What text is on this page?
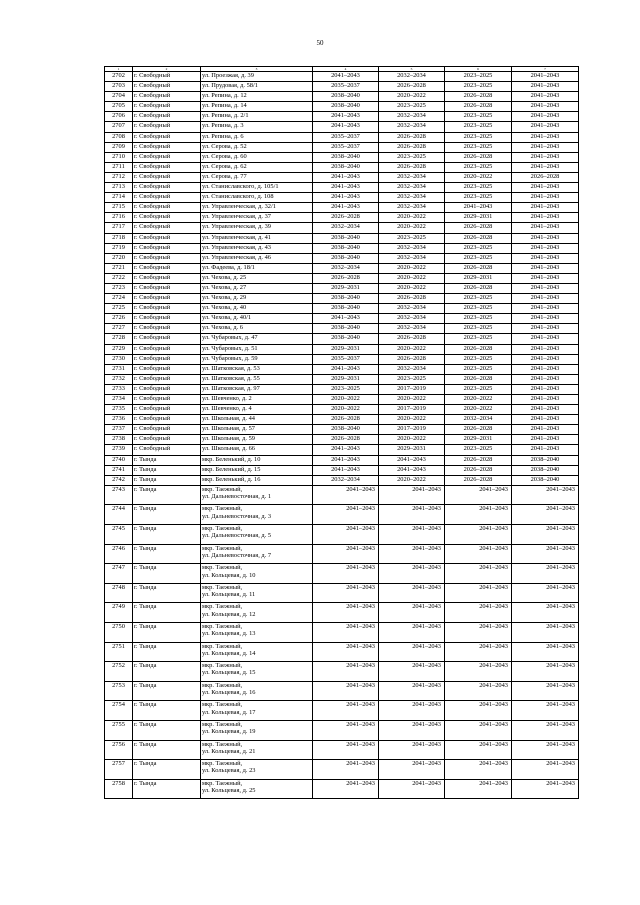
50
1	2	3	4	5	6	7
2702	г. Свободный	ул. Проезжая, д. 39	2041–2043	2032–2034	2023–2025	2041–2043
2703	г. Свободный	ул. Прудовая, д. 58/1	2035–2037	2026–2028	2023–2025	2041–2043
2704	г. Свободный	ул. Репина, д. 12	2038–2040	2020–2022	2026–2028	2041–2043
2705	г. Свободный	ул. Репина, д. 14	2038–2040	2023–2025	2026–2028	2041–2043
2706	г. Свободный	ул. Репина, д. 2/1	2041–2043	2032–2034	2023–2025	2041–2043
2707	г. Свободный	ул. Репина, д. 3	2041–2043	2032–2034	2023–2025	2041–2043
2708	г. Свободный	ул. Репина, д. 6	2035–2037	2026–2028	2023–2025	2041–2043
2709	г. Свободный	ул. Серова, д. 52	2035–2037	2026–2028	2023–2025	2041–2043
2710	г. Свободный	ул. Серова, д. 60	2038–2040	2023–2025	2026–2028	2041–2043
2711	г. Свободный	ул. Серова, д. 62	2038–2040	2026–2028	2023–2025	2041–2043
2712	г. Свободный	ул. Серова, д. 77	2041–2043	2032–2034	2020–2022	2026–2028
2713	г. Свободный	ул. Станиславского, д. 105/1	2041–2043	2032–2034	2023–2025	2041–2043
2714	г. Свободный	ул. Станиславского, д. 108	2041–2043	2032–2034	2023–2025	2041–2043
2715	г. Свободный	ул. Управленческая, д. 32/1	2041–2043	2032–2034	2041–2043	2041–2043
2716	г. Свободный	ул. Управленческая, д. 37	2026–2028	2020–2022	2029–2031	2041–2043
2717	г. Свободный	ул. Управленческая, д. 39	2032–2034	2020–2022	2026–2028	2041–2043
2718	г. Свободный	ул. Управленческая, д. 41	2038–2040	2023–2025	2026–2028	2041–2043
2719	г. Свободный	ул. Управленческая, д. 43	2038–2040	2032–2034	2023–2025	2041–2043
2720	г. Свободный	ул. Управленческая, д. 46	2038–2040	2032–2034	2023–2025	2041–2043
2721	г. Свободный	ул. Фадеева, д. 18/1	2032–2034	2020–2022	2026–2028	2041–2043
2722	г. Свободный	ул. Чехова, д. 25	2026–2028	2020–2022	2029–2031	2041–2043
2723	г. Свободный	ул. Чехова, д. 27	2029–2031	2020–2022	2026–2028	2041–2043
2724	г. Свободный	ул. Чехова, д. 29	2038–2040	2026–2028	2023–2025	2041–2043
2725	г. Свободный	ул. Чехова, д. 40	2038–2040	2032–2034	2023–2025	2041–2043
2726	г. Свободный	ул. Чехова, д. 40/1	2041–2043	2032–2034	2023–2025	2041–2043
2727	г. Свободный	ул. Чехова, д. 6	2038–2040	2032–2034	2023–2025	2041–2043
2728	г. Свободный	ул. Чубаровых, д. 47	2038–2040	2026–2028	2023–2025	2041–2043
2729	г. Свободный	ул. Чубаровых, д. 51	2029–2031	2020–2022	2026–2028	2041–2043
2730	г. Свободный	ул. Чубаровых, д. 59	2035–2037	2026–2028	2023–2025	2041–2043
2731	г. Свободный	ул. Шатковская, д. 53	2041–2043	2032–2034	2023–2025	2041–2043
2732	г. Свободный	ул. Шатковская, д. 55	2029–2031	2023–2025	2026–2028	2041–2043
2733	г. Свободный	ул. Шатковская, д. 97	2023–2025	2017–2019	2023–2025	2041–2043
2734	г. Свободный	ул. Шевченко, д. 2	2020–2022	2020–2022	2020–2022	2041–2043
2735	г. Свободный	ул. Шевченко, д. 4	2020–2022	2017–2019	2020–2022	2041–2043
2736	г. Свободный	ул. Школьная, д. 44	2026–2028	2020–2022	2032–2034	2041–2043
2737	г. Свободный	ул. Школьная, д. 57	2038–2040	2017–2019	2026–2028	2041–2043
2738	г. Свободный	ул. Школьная, д. 59	2026–2028	2020–2022	2029–2031	2041–2043
2739	г. Свободный	ул. Школьная, д. 66	2041–2043	2029–2031	2023–2025	2041–2043
2740	г. Тында	мкр. Беленький, д. 10	2041–2043	2041–2043	2026–2028	2038–2040
2741	г. Тында	мкр. Беленький, д. 15	2041–2043	2041–2043	2026–2028	2038–2040
2742	г. Тында	мкр. Беленький, д. 16	2032–2034	2020–2022	2026–2028	2038–2040
2743	г. Тында	мкр. Таежный,
ул. Дальневосточная, д. 1	2041–2043	2041–2043	2041–2043	2041–2043
2744	г. Тында	мкр. Таежный,
ул. Дальневосточная, д. 3	2041–2043	2041–2043	2041–2043	2041–2043
2745	г. Тында	мкр. Таежный,
ул. Дальневосточная, д. 5	2041–2043	2041–2043	2041–2043	2041–2043
2746	г. Тында	мкр. Таежный,
ул. Дальневосточная, д. 7	2041–2043	2041–2043	2041–2043	2041–2043
2747	г. Тында	мкр. Таежный,
ул. Кольцевая, д. 10	2041–2043	2041–2043	2041–2043	2041–2043
2748	г. Тында	мкр. Таежный,
ул. Кольцевая, д. 11	2041–2043	2041–2043	2041–2043	2041–2043
2749	г. Тында	мкр. Таежный,
ул. Кольцевая, д. 12	2041–2043	2041–2043	2041–2043	2041–2043
2750	г. Тында	мкр. Таежный,
ул. Кольцевая, д. 13	2041–2043	2041–2043	2041–2043	2041–2043
2751	г. Тында	мкр. Таежный,
ул. Кольцевая, д. 14	2041–2043	2041–2043	2041–2043	2041–2043
2752	г. Тында	мкр. Таежный,
ул. Кольцевая, д. 15	2041–2043	2041–2043	2041–2043	2041–2043
2753	г. Тында	мкр. Таежный,
ул. Кольцевая, д. 16	2041–2043	2041–2043	2041–2043	2041–2043
2754	г. Тында	мкр. Таежный,
ул. Кольцевая, д. 17	2041–2043	2041–2043	2041–2043	2041–2043
2755	г. Тында	мкр. Таежный,
ул. Кольцевая, д. 19	2041–2043	2041–2043	2041–2043	2041–2043
2756	г. Тында	мкр. Таежный,
ул. Кольцевая, д. 21	2041–2043	2041–2043	2041–2043	2041–2043
2757	г. Тында	мкр. Таежный,
ул. Кольцевая, д. 23	2041–2043	2041–2043	2041–2043	2041–2043
2758	г. Тында	мкр. Таежный,
ул. Кольцевая, д. 25	2041–2043	2041–2043	2041–2043	2041–2043
